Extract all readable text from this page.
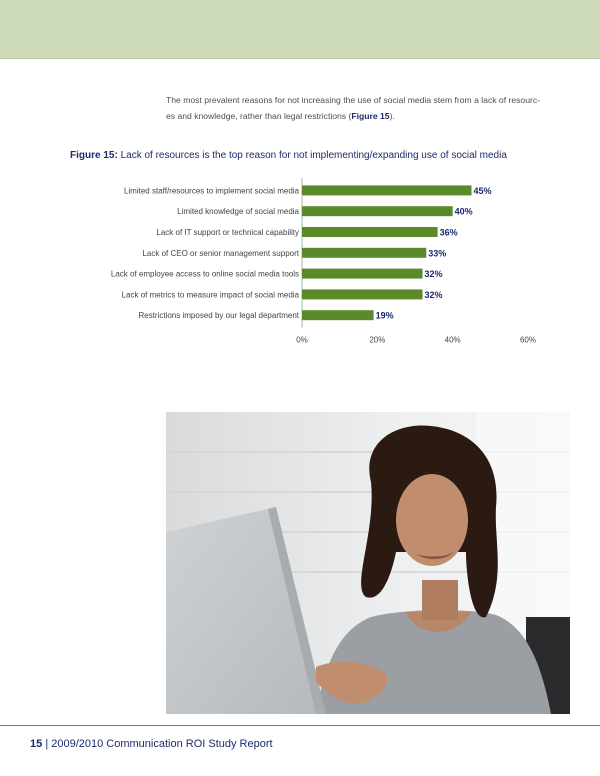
The most prevalent reasons for not increasing the use of social media stem from a lack of resourc-
es and knowledge, rather than legal restrictions (Figure 15).
Figure 15: Lack of resources is the top reason for not implementing/expanding use of social media
Limited staff/resources to implement social media	45%
Limited knowledge of social media	40%
Lack of IT support or technical capability	36%
Lack of CEO or senior management support	33%
Lack of employee access to online social media tools	32%
Lack of metrics to measure impact of social media	32%
Restrictions imposed by our legal department	19%
0%	20%	40%	60%
15 | 2009/2010 Communication ROI Study Report
